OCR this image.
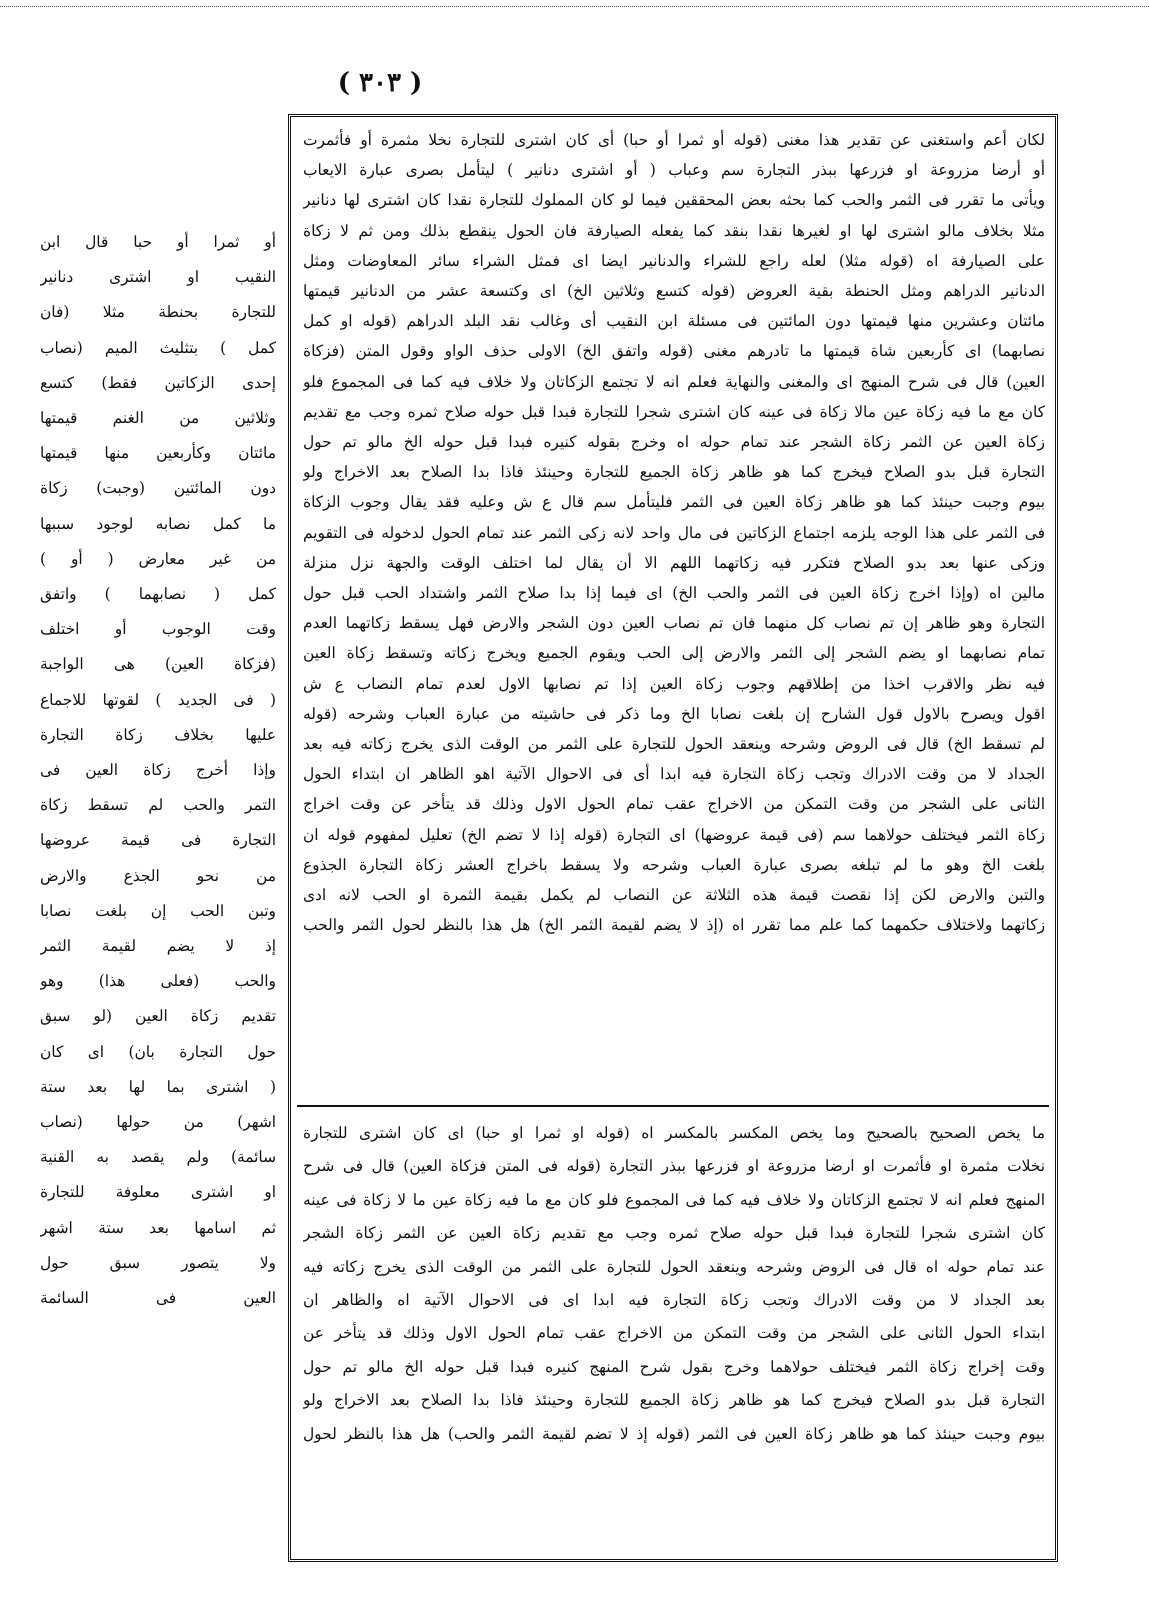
( ٣٠٣ )

أو ثمرا أو حبا قال ابن

النقيب او اشترى دنانير

للتجارة بحنطة مثلا (فان

كمل ) بتثليث الميم (نصاب

إحدى الزكاتين فقط) كتسع

وثلاثين من الغنم قيمتها

مائتان وكأربعين منها قيمتها

دون المائتين (وجبت) زكاة

ما كمل نصابه لوجود سببها

من غير معارض ( أو )

كمل ( نصابهما ) واتفق

وقت الوجوب أو اختلف

(فزكاة العين) هى الواجبة

( فى الجديد ) لقوتها للاجماع

عليها بخلاف زكاة التجارة

وإذا أخرج زكاة العين فى

التمر والحب لم تسقط زكاة

التجارة فى قيمة عروضها

من نحو الجذع والارض

وتبن الحب إن بلغت نصابا

إذ لا يضم لقيمة الثمر

والحب (فعلى هذا) وهو

تقديم زكاة العين (لو سبق

حول التجارة بان) اى كان

( اشترى بما لها بعد ستة

اشهر) من حولها (نصاب

سائمة) ولم يقصد به القنية

او اشترى معلوفة للتجارة

ثم اسامها بعد ستة اشهر

ولا يتصور سبق حول

العين فى السائمة

لكان أعم واستغنى عن تقدير هذا مغنى (قوله أو ثمرا أو حبا) أى كان اشترى للتجارة نخلا مثمرة أو فأثمرت

أو أرضا مزروعة او فزرعها ببذر التجارة سم وعباب ( أو اشترى دنانير ) ليتأمل بصرى عبارة الايعاب

ويأتى ما تقرر فى الثمر والحب كما بحثه بعض المحققين فيما لو كان المملوك للتجارة نقدا كان اشترى لها دنانير

مثلا بخلاف مالو اشترى لها او لغيرها نقدا بنقد كما يفعله الصيارفة فان الحول ينقطع بذلك ومن ثم لا زكاة

على الصيارفة اه (قوله مثلا) لعله راجع للشراء والدنانير ايضا اى فمثل الشراء سائر المعاوضات ومثل

الدنانير الدراهم ومثل الحنطة بقية العروض (قوله كتسع وثلاثين الخ) اى وكتسعة عشر من الدنانير قيمتها

مائتان وعشرين منها قيمتها دون المائتين فى مسئلة ابن النقيب أى وغالب نقد البلد الدراهم (قوله او كمل

نصابهما) اى كأربعين شاة قيمتها ما تادرهم مغنى (قوله واتفق الخ) الاولى حذف الواو وقول المتن (فزكاة

العين) قال فى شرح المنهج اى والمغنى والنهاية فعلم انه لا تجتمع الزكاتان ولا خلاف فيه كما فى المجموع فلو

كان مع ما فيه زكاة عين مالا زكاة فى عينه كان اشترى شجرا للتجارة فبدا قبل حوله صلاح ثمره وجب مع تقديم

زكاة العين عن الثمر زكاة الشجر عند تمام حوله اه وخرج بقوله كنيره فبدا قبل حوله الخ مالو تم حول

التجارة قبل بدو الصلاح فيخرج كما هو ظاهر زكاة الجميع للتجارة وحينئذ فاذا بدا الصلاح بعد الاخراج ولو

بيوم وجبت حينئذ كما هو ظاهر زكاة العين فى الثمر فليتأمل سم قال ع ش وعليه فقد يقال وجوب الزكاة

فى الثمر على هذا الوجه يلزمه اجتماع الزكاتين فى مال واحد لانه زكى الثمر عند تمام الحول لدخوله فى التقويم

وزكى عنها بعد بدو الصلاح فتكرر فيه زكاتهما اللهم الا أن يقال لما اختلف الوقت والجهة نزل منزلة

مالين اه (وإذا اخرج زكاة العين فى الثمر والحب الخ) اى فيما إذا بدا صلاح الثمر واشتداد الحب قبل حول

التجارة وهو ظاهر إن تم نصاب كل منهما فان تم نصاب العين دون الشجر والارض فهل يسقط زكاتهما العدم

تمام نصابهما او يضم الشجر إلى الثمر والارض إلى الحب ويقوم الجميع ويخرج زكاته وتسقط زكاة العين

فيه نظر والاقرب اخذا من إطلاقهم وجوب زكاة العين إذا تم نصابها الاول لعدم تمام النصاب ع ش

اقول ويصرح بالاول قول الشارح إن بلغت نصابا الخ وما ذكر فى حاشيته من عبارة العباب وشرحه (قوله

لم تسقط الخ) قال فى الروض وشرحه وينعقد الحول للتجارة على الثمر من الوقت الذى يخرج زكاته فيه بعد

الجداد لا من وقت الادراك وتجب زكاة التجارة فيه ابدا أى فى الاحوال الآتية اهو الظاهر ان ابتداء الحول

الثانى على الشجر من وقت التمكن من الاخراج عقب تمام الحول الاول وذلك قد يتأخر عن وقت اخراج

زكاة الثمر فيختلف حولاهما سم (فى قيمة عروضها) اى التجارة (قوله إذا لا تضم الخ) تعليل لمفهوم قوله ان

بلغت الخ وهو ما لم تبلغه بصرى عبارة العباب وشرحه ولا يسقط باخراج العشر زكاة التجارة الجذوع

والتبن والارض لكن إذا نقصت قيمة هذه الثلاثة عن النصاب لم يكمل بقيمة الثمرة او الحب لانه ادى

زكاتهما ولاختلاف حكمهما كما علم مما تقرر اه (إذ لا يضم لقيمة الثمر الخ) هل هذا بالنظر لحول الثمر والحب

ما يخص الصحيح بالصحيح وما يخص المكسر بالمكسر اه (قوله او ثمرا او حبا) اى كان اشترى للتجارة

نخلات مثمرة او فأثمرت او ارضا مزروعة او فزرعها ببذر التجارة (قوله فى المتن فزكاة العين) قال فى شرح

المنهج فعلم انه لا تجتمع الزكاتان ولا خلاف فيه كما فى المجموع فلو كان مع ما فيه زكاة عين ما لا زكاة فى عينه

كان اشترى شجرا للتجارة فبدا قبل حوله صلاح ثمره وجب مع تقديم زكاة العين عن الثمر زكاة الشجر

عند تمام حوله اه قال فى الروض وشرحه وينعقد الحول للتجارة على الثمر من الوقت الذى يخرج زكاته فيه

بعد الجداد لا من وقت الادراك وتجب زكاة التجارة فيه ابدا اى فى الاحوال الآتية اه والظاهر ان

ابتداء الحول الثانى على الشجر من وقت التمكن من الاخراج عقب تمام الحول الاول وذلك قد يتأخر عن

وقت إخراج زكاة الثمر فيختلف حولاهما وخرج بقول شرح المنهج كنيره فبدا قبل حوله الخ مالو تم حول

التجارة قبل بدو الصلاح فيخرج كما هو ظاهر زكاة الجميع للتجارة وحينئذ فاذا بدا الصلاح بعد الاخراج ولو

بيوم وجبت حينئذ كما هو ظاهر زكاة العين فى الثمر (قوله إذ لا تضم لقيمة الثمر والحب) هل هذا بالنظر لحول
